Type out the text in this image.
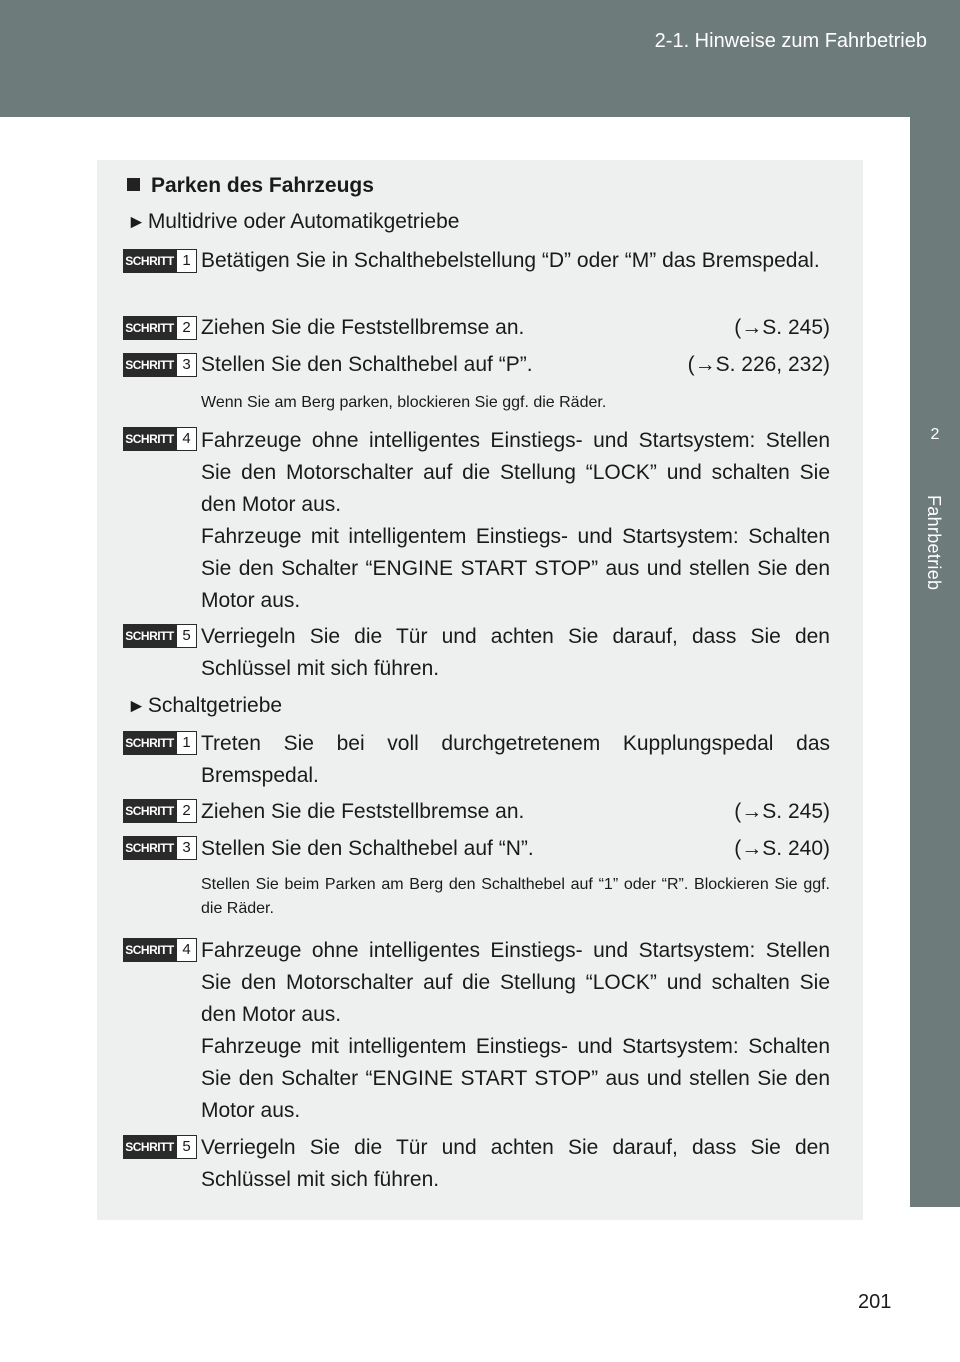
2-1. Hinweise zum Fahrbetrieb
2
Fahrbetrieb
Parken des Fahrzeugs
►Multidrive oder Automatikgetriebe
SCHRITT 1 Betätigen Sie in Schalthebelstellung “D” oder “M” das Bremspedal.

SCHRITT 2 Ziehen Sie die Feststellbremse an.	(→S. 245)
SCHRITT 3 Stellen Sie den Schalthebel auf “P”.	(→S. 226, 232)
Wenn Sie am Berg parken, blockieren Sie ggf. die Räder.
SCHRITT 4 Fahrzeuge ohne intelligentes Einstiegs- und Startsystem: Stellen Sie den Motorschalter auf die Stellung “LOCK” und schalten Sie den Motor aus.

Fahrzeuge mit intelligentem Einstiegs- und Startsystem: Schalten Sie den Schalter “ENGINE START STOP” aus und stellen Sie den Motor aus.

SCHRITT 5 Verriegeln Sie die Tür und achten Sie darauf, dass Sie den Schlüssel mit sich führen.

►Schaltgetriebe
SCHRITT 1 Treten Sie bei voll durchgetretenem Kupplungspedal das Bremspedal.

SCHRITT 2 Ziehen Sie die Feststellbremse an.	(→S. 245)
SCHRITT 3 Stellen Sie den Schalthebel auf “N”.	(→S. 240)
Stellen Sie beim Parken am Berg den Schalthebel auf “1” oder “R”. Blockieren Sie ggf. die Räder.
SCHRITT 4 Fahrzeuge ohne intelligentes Einstiegs- und Startsystem: Stellen Sie den Motorschalter auf die Stellung “LOCK” und schalten Sie den Motor aus.

Fahrzeuge mit intelligentem Einstiegs- und Startsystem: Schalten Sie den Schalter “ENGINE START STOP” aus und stellen Sie den Motor aus.

SCHRITT 5 Verriegeln Sie die Tür und achten Sie darauf, dass Sie den Schlüssel mit sich führen.

201
